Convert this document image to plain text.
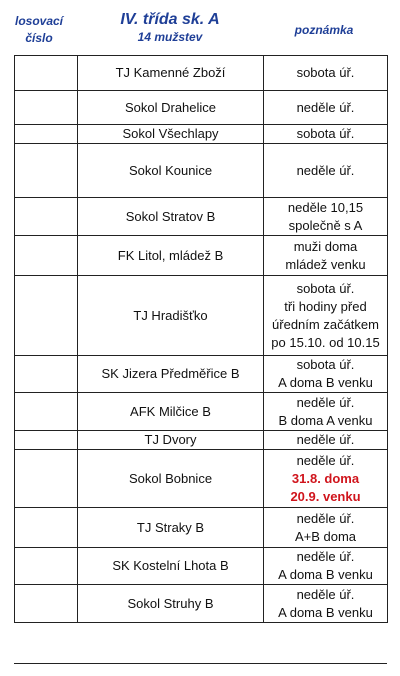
losovací
číslo
IV. třída sk. A
14 mužstev	poznámka
	TJ Kamenné Zboží	sobota úř.

	Sokol Drahelice	neděle úř.

	Sokol Všechlapy	sobota úř.

	Sokol Kounice	neděle úř.

	Sokol Stratov B	neděle 10,15
společně s A

	FK Litol, mládež B	muži doma
mládež venku

	TJ Hradišťko	sobota úř.
tři hodiny před
úředním začátkem
po 15.10. od 10.15

	SK Jizera Předměřice B	sobota úř.
A doma B venku

	AFK Milčice B	neděle úř.
B doma A venku

	TJ Dvory	neděle úř.

	Sokol Bobnice	neděle úř.
31.8. doma
20.9. venku

	TJ Straky B	neděle úř.
A+B doma

	SK Kostelní Lhota B	neděle úř.
A doma B venku

	Sokol Struhy B	neděle úř.
A doma B venku
